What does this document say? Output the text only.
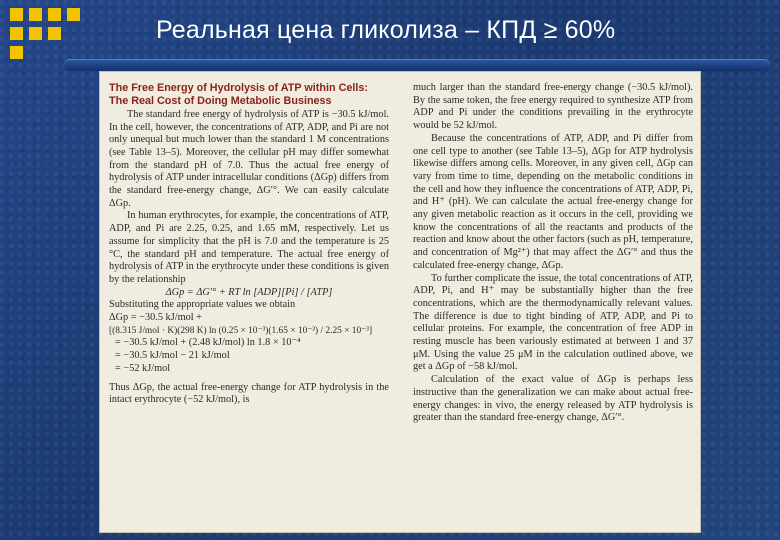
Реальная цена гликолиза – КПД ≥ 60%
The Free Energy of Hydrolysis of ATP within Cells:
The Real Cost of Doing Metabolic Business

The standard free energy of hydrolysis of ATP is −30.5 kJ/mol. In the cell, however, the concentrations of ATP, ADP, and Pi are not only unequal but much lower than the standard 1 M concentrations (see Table 13–5). Moreover, the cellular pH may differ somewhat from the standard pH of 7.0. Thus the actual free energy of hydrolysis of ATP under intracellular conditions (ΔGp) differs from the standard free-energy change, ΔG′°. We can easily calculate ΔGp.

In human erythrocytes, for example, the concentrations of ATP, ADP, and Pi are 2.25, 0.25, and 1.65 mM, respectively. Let us assume for simplicity that the pH is 7.0 and the temperature is 25 °C, the standard pH and temperature. The actual free energy of hydrolysis of ATP in the erythrocyte under these conditions is given by the relationship

ΔGp = ΔG′° + RT ln [ADP][Pi] / [ATP]

Substituting the appropriate values we obtain

ΔGp = −30.5 kJ/mol +

[(8.315 J/mol · K)(298 K) ln (0.25 × 10⁻³)(1.65 × 10⁻³) / 2.25 × 10⁻³]

= −30.5 kJ/mol + (2.48 kJ/mol) ln 1.8 × 10⁻⁴

= −30.5 kJ/mol − 21 kJ/mol

= −52 kJ/mol

Thus ΔGp, the actual free-energy change for ATP hydrolysis in the intact erythrocyte (−52 kJ/mol), is

much larger than the standard free-energy change (−30.5 kJ/mol). By the same token, the free energy required to synthesize ATP from ADP and Pi under the conditions prevailing in the erythrocyte would be 52 kJ/mol.

Because the concentrations of ATP, ADP, and Pi differ from one cell type to another (see Table 13–5), ΔGp for ATP hydrolysis likewise differs among cells. Moreover, in any given cell, ΔGp can vary from time to time, depending on the metabolic conditions in the cell and how they influence the concentrations of ATP, ADP, Pi, and H⁺ (pH). We can calculate the actual free-energy change for any given metabolic reaction as it occurs in the cell, providing we know the concentrations of all the reactants and products of the reaction and know about the other factors (such as pH, temperature, and concentration of Mg²⁺) that may affect the ΔG′° and thus the calculated free-energy change, ΔGp.

To further complicate the issue, the total concentrations of ATP, ADP, Pi, and H⁺ may be substantially higher than the free concentrations, which are the thermodynamically relevant values. The difference is due to tight binding of ATP, ADP, and Pi to cellular proteins. For example, the concentration of free ADP in resting muscle has been variously estimated at between 1 and 37 μM. Using the value 25 μM in the calculation outlined above, we get a ΔGp of −58 kJ/mol.

Calculation of the exact value of ΔGp is perhaps less instructive than the generalization we can make about actual free-energy changes: in vivo, the energy released by ATP hydrolysis is greater than the standard free-energy change, ΔG′°.
